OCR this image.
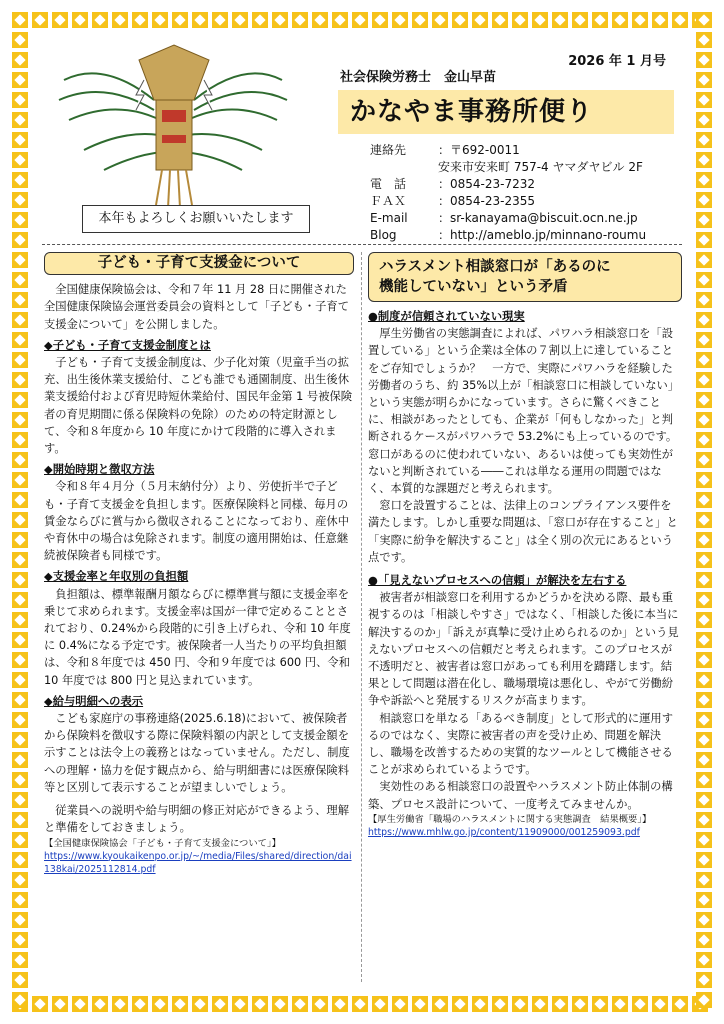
本年もよろしくお願いいたします
2026 年 1 月号
社会保険労務士　金山早苗
かなやま事務所便り
連絡先	：〒692-0011
安来市安来町 757-4 ヤマダヤビル 2F
電　話	：0854-23-7232
ＦＡＸ	：0854-23-2355
E-mail	：sr-kanayama@biscuit.ocn.ne.jp
Blog	：http://ameblo.jp/minnano-roumu
子ども・子育て支援金について

全国健康保険協会は、令和７年 11 月 28 日に開催された全国健康保険協会運営委員会の資料として「子ども・子育て支援金について」を公開しました。

◆子ども・子育て支援金制度とは

子ども・子育て支援金制度は、少子化対策（児童手当の拡充、出生後休業支援給付、こども誰でも通園制度、出生後休業支援給付および育児時短休業給付、国民年金第 1 号被保険者の育児期間に係る保険料の免除）のための特定財源として、令和８年度から 10 年度にかけて段階的に導入されます。

◆開始時期と徴収方法

令和８年４月分（５月末納付分）より、労使折半で子ども・子育て支援金を負担します。医療保険料と同様、毎月の賃金ならびに賞与から徴収されることになっており、産休中や育休中の場合は免除されます。制度の適用開始は、任意継続被保険者も同様です。

◆支援金率と年収別の負担額

負担額は、標準報酬月額ならびに標準賞与額に支援金率を乗じて求められます。支援金率は国が一律で定めることとされており、0.24%から段階的に引き上げられ、令和 10 年度に 0.4%になる予定です。被保険者一人当たりの平均負担額は、令和８年度では 450 円、令和９年度では 600 円、令和 10 年度では 800 円と見込まれています。

◆給与明細への表示

こども家庭庁の事務連絡(2025.6.18)において、被保険者から保険料を徴収する際に保険料額の内訳として支援金額を示すことは法令上の義務とはなっていません。ただし、制度への理解・協力を促す観点から、給与明細書には医療保険料等と区別して表示することが望ましいでしょう。

従業員への説明や給与明細の修正対応ができるよう、理解と準備をしておきましょう。

【全国健康保険協会「子ども・子育て支援金について」】
https://www.kyoukaikenpo.or.jp/~/media/Files/shared/direction/dai138kai/2025112814.pdf
ハラスメント相談窓口が「あるのに
機能していない」という矛盾
●制度が信頼されていない現実

厚生労働省の実態調査によれば、パワハラ相談窓口を「設置している」という企業は全体の７割以上に達していることをご存知でしょうか？　一方で、実際にパワハラを経験した労働者のうち、約 35%以上が「相談窓口に相談していない」という実態が明らかになっています。さらに驚くべきことに、相談があったとしても、企業が「何もしなかった」と判断されるケースがパワハラで 53.2%にも上っているのです。窓口があるのに使われていない、あるいは使っても実効性がないと判断されている――これは単なる運用の問題ではなく、本質的な課題だと考えられます。

窓口を設置することは、法律上のコンプライアンス要件を満たします。しかし重要な問題は、「窓口が存在すること」と「実際に紛争を解決すること」は全く別の次元にあるという点です。

●「見えないプロセスへの信頼」が解決を左右する

被害者が相談窓口を利用するかどうかを決める際、最も重視するのは「相談しやすさ」ではなく、「相談した後に本当に解決するのか」「訴えが真摯に受け止められるのか」という見えないプロセスへの信頼だと考えられます。このプロセスが不透明だと、被害者は窓口があっても利用を躊躇します。結果として問題は潜在化し、職場環境は悪化し、やがて労働紛争や訴訟へと発展するリスクが高まります。

相談窓口を単なる「あるべき制度」として形式的に運用するのではなく、実際に被害者の声を受け止め、問題を解決し、職場を改善するための実質的なツールとして機能させることが求められているようです。

実効性のある相談窓口の設置やハラスメント防止体制の構築、プロセス設計について、一度考えてみませんか。

【厚生労働省「職場のハラスメントに関する実態調査　結果概要」】
https://www.mhlw.go.jp/content/11909000/001259093.pdf
